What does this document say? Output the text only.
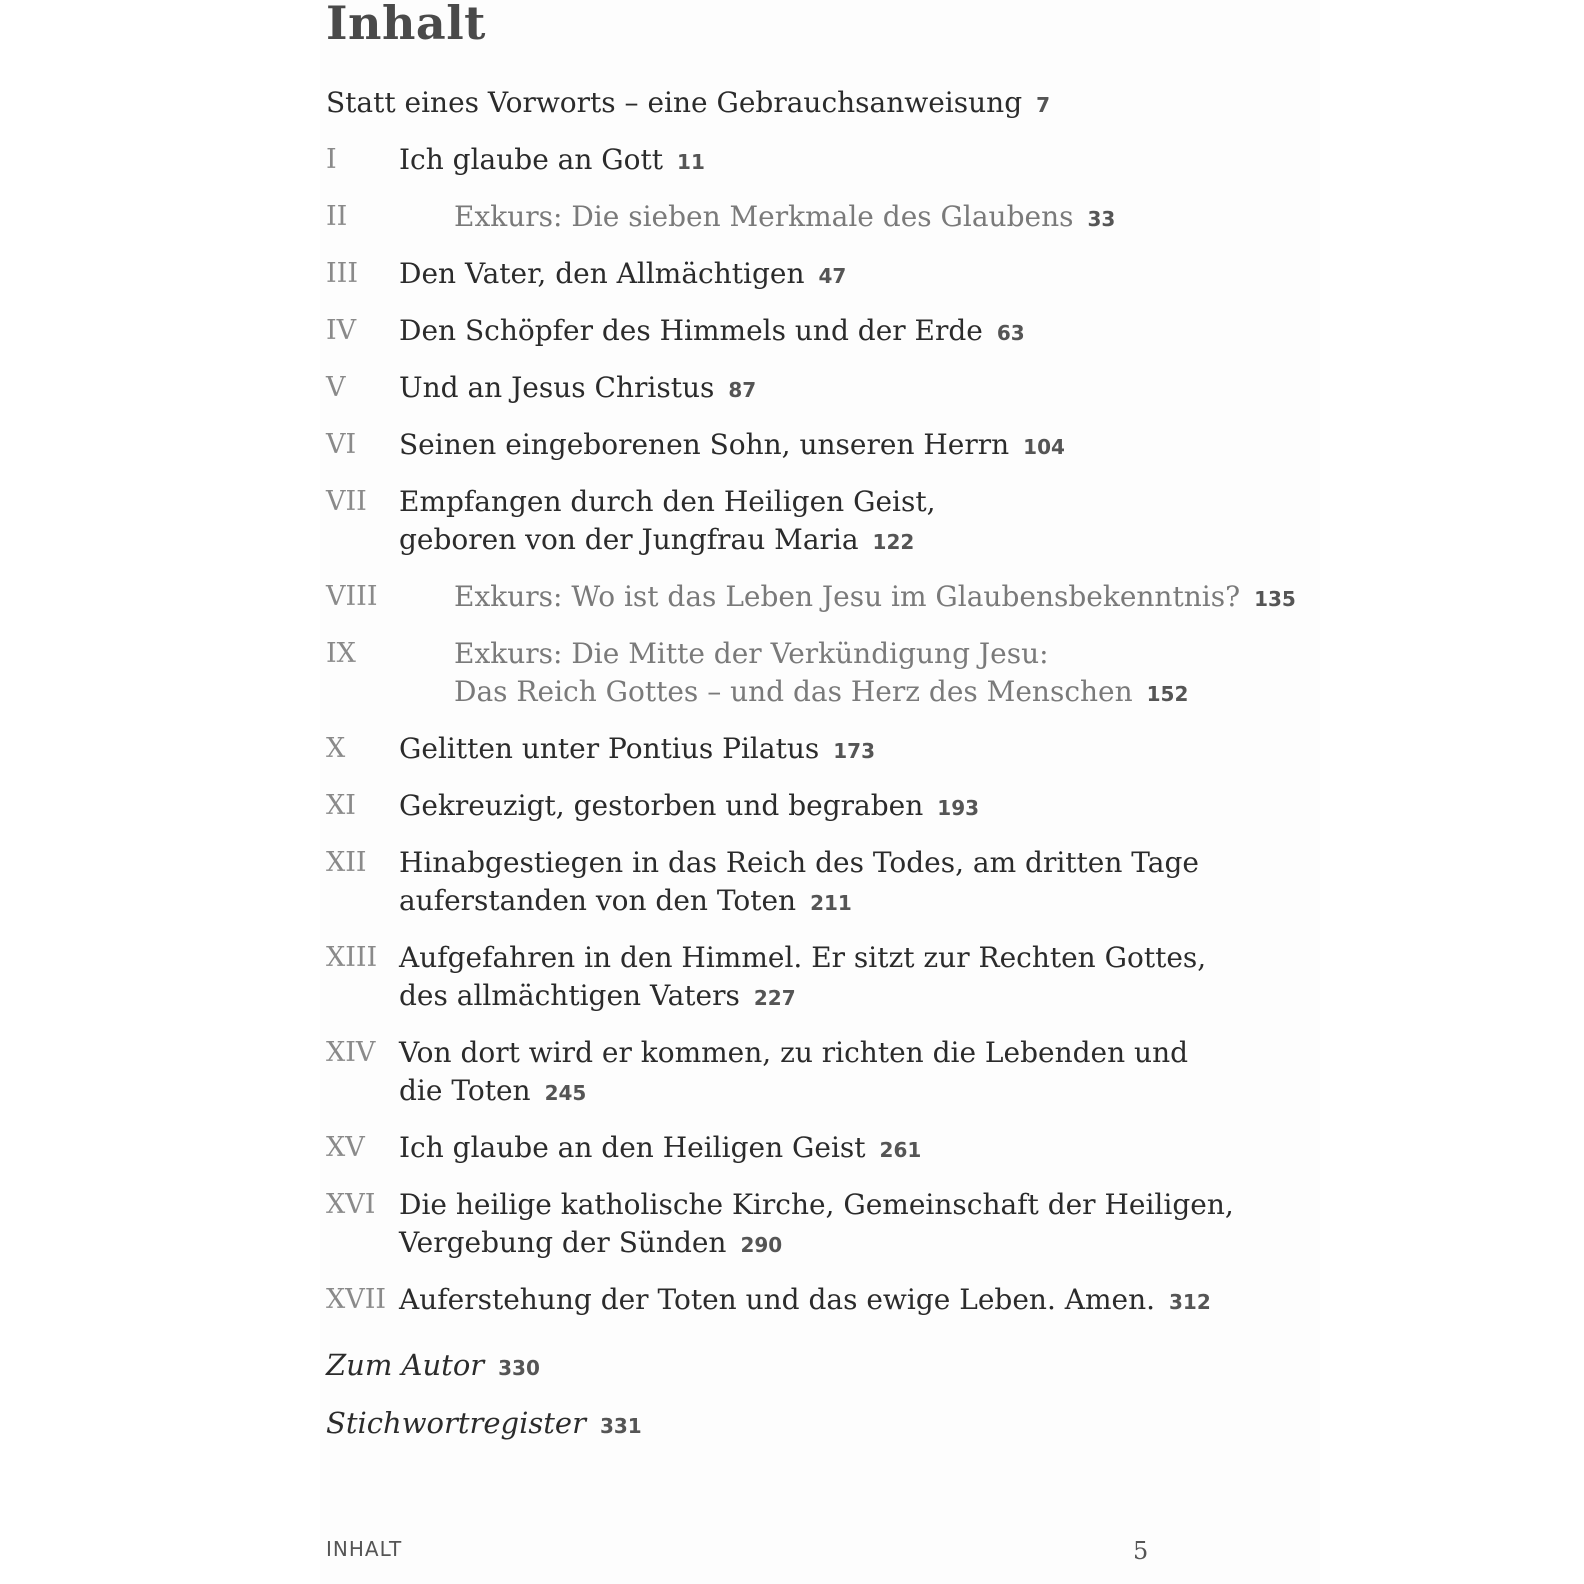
Inhalt
Statt eines Vorworts – eine Gebrauchsanweisung 7
I	Ich glaube an Gott 11
II	Exkurs: Die sieben Merkmale des Glaubens 33
III	Den Vater, den Allmächtigen 47
IV	Den Schöpfer des Himmels und der Erde 63
V	Und an Jesus Christus 87
VI	Seinen eingeborenen Sohn, unseren Herrn 104
VII	Empfangen durch den Heiligen Geist,
geboren von der Jungfrau Maria 122
VIII	Exkurs: Wo ist das Leben Jesu im Glaubensbekenntnis? 135
IX	Exkurs: Die Mitte der Verkündigung Jesu:
Das Reich Gottes – und das Herz des Menschen 152
X	Gelitten unter Pontius Pilatus 173
XI	Gekreuzigt, gestorben und begraben 193
XII	Hinabgestiegen in das Reich des Todes, am dritten Tage
auferstanden von den Toten 211
XIII Aufgefahren in den Himmel. Er sitzt zur Rechten Gottes,
des allmächtigen Vaters 227
XIV Von dort wird er kommen, zu richten die Lebenden und
die Toten 245
XV	Ich glaube an den Heiligen Geist 261
XVI Die heilige katholische Kirche, Gemeinschaft der Heiligen,
Vergebung der Sünden 290
XVII Auferstehung der Toten und das ewige Leben. Amen. 312
Zum Autor 330
Stichwortregister 331
INHALT	5
